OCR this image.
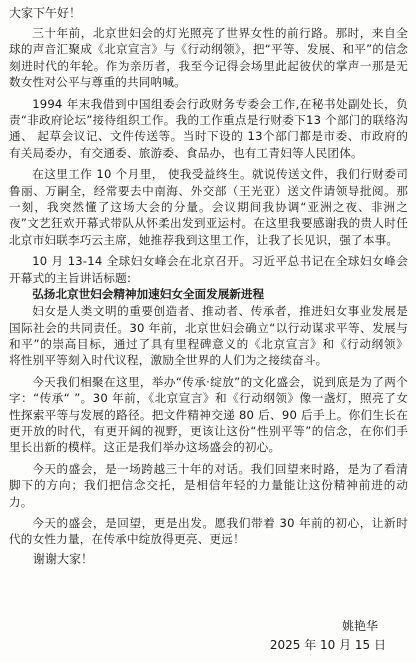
大家下午好！

三十年前，北京世妇会的灯光照亮了世界女性的前行路。那时，来自全球的声音汇聚成《北京宣言》与《行动纲领》，把“平等、发展、和平”的信念刻进时代的年轮。作为亲历者，我至今记得会场里此起彼伏的掌声一那是无数女性对公平与尊重的共同呐喊。

1994 年末我借到中国组委会行政财务专委会工作,在秘书处副处长，负责“非政府论坛”接待组织工作。我的工作重点是行财委下13 个部门的联络沟通、 起草会议记、文件传送等。当时下设的 13个部门都是市委、市政府的有关局委办，有交通委、旅游委、食品办，也有工青妇等人民团体。

在这里工作 10 个月里， 使我受益终生。就说传送文件，我们行财委司鲁丽、万嗣全，经常要去中南海、外交部（王光亚）送文件请领导批阅。那一刻，我突然懂了这场大会的分量。会议期间我协调“亚洲之夜、非洲之夜”文艺狂欢开幕式带队从怀柔出发到亚运村。在这里我要感谢我的贵人时任北京市妇联李巧云主席，她推荐我到这里工作，让我了长见识，强了本事。

10 月 13-14 全球妇女峰会在北京召开。习近平总书记在全球妇女峰会开幕式的主旨讲话标题:

弘扬北京世妇会精神加速妇女全面发展新进程

妇女是人类文明的重要创造者、推动者、传承者，推进妇女事业发展是国际社会的共同责任。30 年前，北京世妇会确立“以行动谋求平等、发展与和平”的崇高目标，通过了具有里程碑意义的《北京宣言》和《行动纲领》 将性别平等刻入时代议程，激励全世界的人们为之接续奋斗。

今天我们相聚在这里，举办“传承·绽放”的文化盛会，说到底是为了两个字：“传承“ ”。30 年前，《北京宣言》和《行动纲领》像一盏灯，照亮了女性探索平等与发展的路径。把文件精神交递 80 后、90 后手上。你们生长在更开放的时代，有更开阔的视野，更该让这份“性别平等”的信念，在你们手里长出新的模样。这正是我们举办这场盛会的初心。

今天的盛会，是一场跨越三十年的对话。我们回望来时路，是为了看清脚下的方向；我们把信念交托，是相信年轻的力量能让这份精神前进的动力。

今天的盛会，是回望，更是出发。愿我们带着 30 年前的初心，让新时代的女性力量，在传承中绽放得更亮、更远！

谢谢大家！

姚艳华

2025 年 10 月 15 日
